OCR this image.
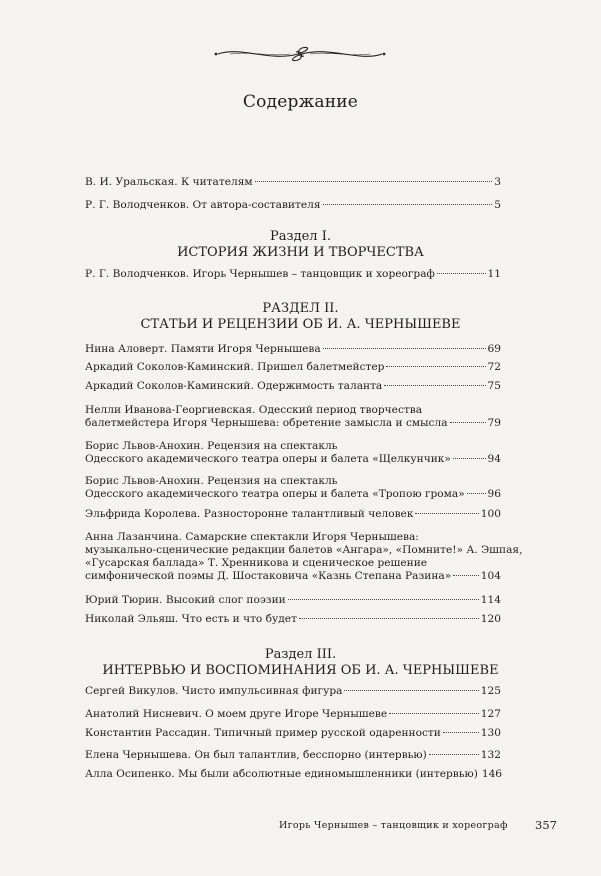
Содержание
В. И. Уральская. К читателям	3
Р. Г. Володченков. От автора-составителя	5
Раздел I.
ИСТОРИЯ ЖИЗНИ И ТВОРЧЕСТВА
Р. Г. Володченков. Игорь Чернышев – танцовщик и хореограф	11
РАЗДЕЛ II.
СТАТЬИ И РЕЦЕНЗИИ ОБ И. А. ЧЕРНЫШЕВЕ
Нина Аловерт. Памяти Игоря Чернышева	69
Аркадий Соколов-Каминский. Пришел балетмейстер	72
Аркадий Соколов-Каминский. Одержимость таланта	75
Нелли Иванова-Георгиевская. Одесский период творчества
балетмейстера Игоря Чернышева: обретение замысла и смысла	79
Борис Львов-Анохин. Рецензия на спектакль
Одесского академического театра оперы и балета «Щелкунчик»	94
Борис Львов-Анохин. Рецензия на спектакль
Одесского академического театра оперы и балета «Тропою грома» 96
Эльфрида Королева. Разносторонне талантливый человек	100
Анна Лазанчина. Самарские спектакли Игоря Чернышева:
музыкально-сценические редакции балетов «Ангара», «Помните!» А. Эшпая,
«Гусарская баллада» Т. Хренникова и сценическое решение
симфонической поэмы Д. Шостаковича «Казнь Степана Разина»	104
Юрий Тюрин. Высокий слог поэзии	114
Николай Эльяш. Что есть и что будет	120
Раздел III.
ИНТЕРВЬЮ И ВОСПОМИНАНИЯ ОБ И. А. ЧЕРНЫШЕВЕ
Сергей Викулов. Чисто импульсивная фигура	125
Анатолий Нисневич. О моем друге Игоре Чернышеве	127
Константин Рассадин. Типичный пример русской одаренности	130
Елена Чернышева. Он был талантлив, бесспорно (интервью)	132
Алла Осипенко. Мы были абсолютные единомышленники (интервью) 146
Игорь Чернышев – танцовщик и хореограф 357
